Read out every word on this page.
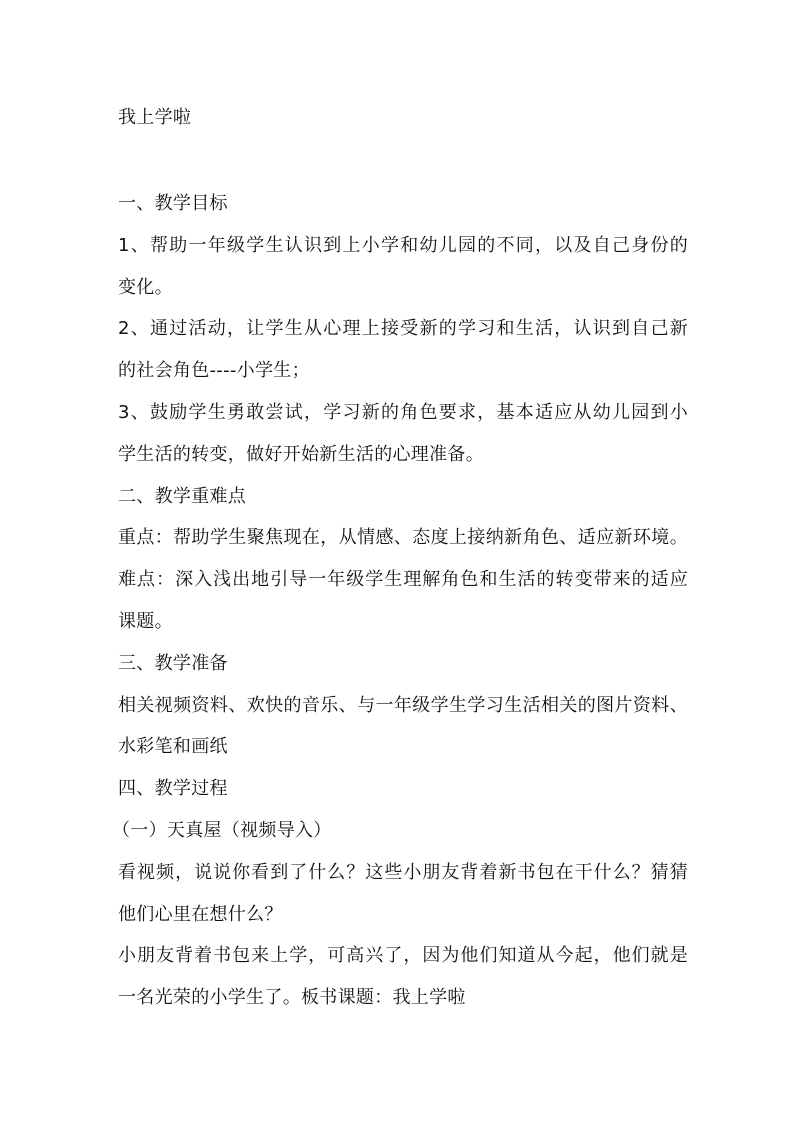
我上学啦
一、教学目标
1、帮助一年级学生认识到上小学和幼儿园的不同，以及自己身份的
变化。
2、通过活动，让学生从心理上接受新的学习和生活，认识到自己新
的社会角色----小学生；
3、鼓励学生勇敢尝试，学习新的角色要求，基本适应从幼儿园到小
学生活的转变，做好开始新生活的心理准备。
二、教学重难点
重点：帮助学生聚焦现在，从情感、态度上接纳新角色、适应新环境。
难点：深入浅出地引导一年级学生理解角色和生活的转变带来的适应
课题。
三、教学准备
相关视频资料、欢快的音乐、与一年级学生学习生活相关的图片资料、
水彩笔和画纸
四、教学过程
（一）天真屋（视频导入）
看视频，说说你看到了什么？这些小朋友背着新书包在干什么？猜猜
他们心里在想什么？
小朋友背着书包来上学，可高兴了，因为他们知道从今起，他们就是
一名光荣的小学生了。板书课题：我上学啦
